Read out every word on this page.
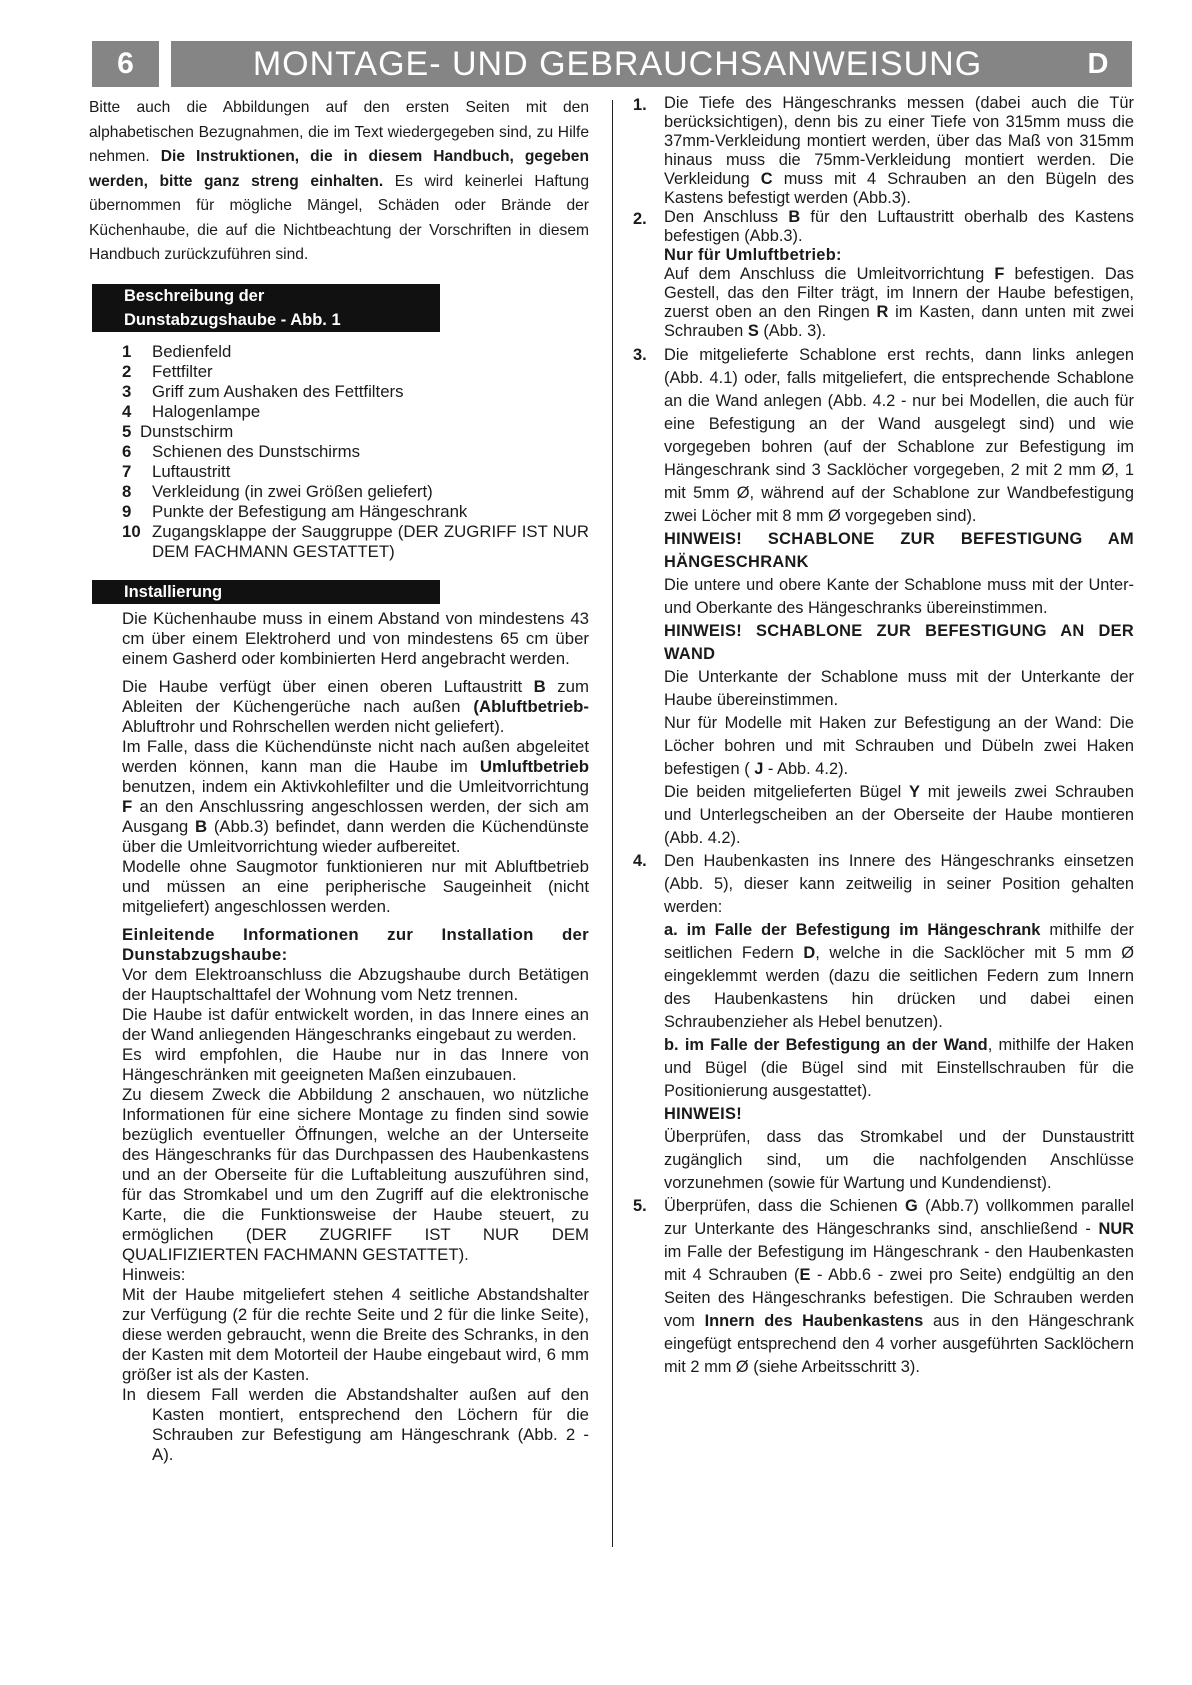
6	MONTAGE- UND GEBRAUCHSANWEISUNG	D

Bitte auch die Abbildungen auf den ersten Seiten mit den alphabetischen Bezugnahmen, die im Text wiedergegeben sind, zu Hilfe nehmen. Die Instruktionen, die in diesem Handbuch, gegeben werden, bitte ganz streng einhalten. Es wird keinerlei Haftung übernommen für mögliche Mängel, Schäden oder Brände der Küchenhaube, die auf die Nichtbeachtung der Vorschriften in diesem Handbuch zurückzuführen sind.

Beschreibung der
Dunstabzugshaube - Abb. 1
1	Bedienfeld
2	Fettfilter
3	Griff zum Aushaken des Fettfilters
4	Halogenlampe
5 Dunstschirm
6	Schienen des Dunstschirms
7	Luftaustritt
8	Verkleidung (in zwei Größen geliefert)
9	Punkte der Befestigung am Hängeschrank
10 Zugangsklappe der Sauggruppe (DER ZUGRIFF IST NUR DEM FACHMANN GESTATTET)
Installierung

Die Küchenhaube muss in einem Abstand von mindestens 43 cm über einem Elektroherd und von mindestens 65 cm über einem Gasherd oder kombinierten Herd angebracht werden.

Die Haube verfügt über einen oberen Luftaustritt B zum Ableiten der Küchengerüche nach außen (Abluftbetrieb- Abluftrohr und Rohrschellen werden nicht geliefert).

Im Falle, dass die Küchendünste nicht nach außen abgeleitet werden können, kann man die Haube im Umluftbetrieb benutzen, indem ein Aktivkohlefilter und die Umleitvorrichtung F an den Anschlussring angeschlossen werden, der sich am Ausgang B (Abb.3) befindet, dann werden die Küchendünste über die Umleitvorrichtung wieder aufbereitet.

Modelle ohne Saugmotor funktionieren nur mit Abluftbetrieb und müssen an eine peripherische Saugeinheit (nicht mitgeliefert) angeschlossen werden.

Einleitende Informationen zur Installation der Dunstabzugshaube:

Vor dem Elektroanschluss die Abzugshaube durch Betätigen der Hauptschalttafel der Wohnung vom Netz trennen.

Die Haube ist dafür entwickelt worden, in das Innere eines an der Wand anliegenden Hängeschranks eingebaut zu werden.

Es wird empfohlen, die Haube nur in das Innere von Hängeschränken mit geeigneten Maßen einzubauen.

Zu diesem Zweck die Abbildung 2 anschauen, wo nützliche Informationen für eine sichere Montage zu finden sind sowie bezüglich eventueller Öffnungen, welche an der Unterseite des Hängeschranks für das Durchpassen des Haubenkastens und an der Oberseite für die Luftableitung auszuführen sind, für das Stromkabel und um den Zugriff auf die elektronische Karte, die die Funktionsweise der Haube steuert, zu ermöglichen (DER ZUGRIFF IST NUR DEM QUALIFIZIERTEN FACHMANN GESTATTET).

Hinweis:

Mit der Haube mitgeliefert stehen 4 seitliche Abstandshalter zur Verfügung (2 für die rechte Seite und 2 für die linke Seite), diese werden gebraucht, wenn die Breite des Schranks, in den der Kasten mit dem Motorteil der Haube eingebaut wird, 6 mm größer ist als der Kasten.

In diesem Fall werden die Abstandshalter außen auf den Kasten montiert, entsprechend den Löchern für die Schrauben zur Befestigung am Hängeschrank (Abb. 2 - A).

1.	Die Tiefe des Hängeschranks messen (dabei auch die Tür berücksichtigen), denn bis zu einer Tiefe von 315mm muss die 37mm-Verkleidung montiert werden, über das Maß von 315mm hinaus muss die 75mm-Verkleidung montiert werden. Die Verkleidung C muss mit 4 Schrauben an den Bügeln des Kastens befestigt werden (Abb.3).

2.	Den Anschluss B für den Luftaustritt oberhalb des Kastens befestigen (Abb.3).

Nur für Umluftbetrieb:

Auf dem Anschluss die Umleitvorrichtung F befestigen. Das Gestell, das den Filter trägt, im Innern der Haube befestigen, zuerst oben an den Ringen R im Kasten, dann unten mit zwei Schrauben S (Abb. 3).

3.	Die mitgelieferte Schablone erst rechts, dann links anlegen (Abb. 4.1) oder, falls mitgeliefert, die entsprechende Schablone an die Wand anlegen (Abb. 4.2 - nur bei Modellen, die auch für eine Befestigung an der Wand ausgelegt sind) und wie vorgegeben bohren (auf der Schablone zur Befestigung im Hängeschrank sind 3 Sacklöcher vorgegeben, 2 mit 2 mm Ø, 1 mit 5mm Ø, während auf der Schablone zur Wandbefestigung zwei Löcher mit 8 mm Ø vorgegeben sind).

HINWEIS! SCHABLONE ZUR BEFESTIGUNG AM HÄNGESCHRANK

Die untere und obere Kante der Schablone muss mit der Unter- und Oberkante des Hängeschranks übereinstimmen.

HINWEIS! SCHABLONE ZUR BEFESTIGUNG AN DER WAND

Die Unterkante der Schablone muss mit der Unterkante der Haube übereinstimmen.

Nur für Modelle mit Haken zur Befestigung an der Wand: Die Löcher bohren und mit Schrauben und Dübeln zwei Haken befestigen ( J - Abb. 4.2).

Die beiden mitgelieferten Bügel Y mit jeweils zwei Schrauben und Unterlegscheiben an der Oberseite der Haube montieren (Abb. 4.2).

4.	Den Haubenkasten ins Innere des Hängeschranks einsetzen (Abb. 5), dieser kann zeitweilig in seiner Position gehalten werden:

a. im Falle der Befestigung im Hängeschrank mithilfe der seitlichen Federn D, welche in die Sacklöcher mit 5 mm Ø eingeklemmt werden (dazu die seitlichen Federn zum Innern des Haubenkastens hin drücken und dabei einen Schraubenzieher als Hebel benutzen).

b. im Falle der Befestigung an der Wand, mithilfe der Haken und Bügel (die Bügel sind mit Einstellschrauben für die Positionierung ausgestattet).

HINWEIS!

Überprüfen, dass das Stromkabel und der Dunstaustritt zugänglich sind, um die nachfolgenden Anschlüsse vorzunehmen (sowie für Wartung und Kundendienst).

5.	Überprüfen, dass die Schienen G (Abb.7) vollkommen parallel zur Unterkante des Hängeschranks sind, anschließend - NUR im Falle der Befestigung im Hängeschrank - den Haubenkasten mit 4 Schrauben (E - Abb.6 - zwei pro Seite) endgültig an den Seiten des Hängeschranks befestigen. Die Schrauben werden vom Innern des Haubenkastens aus in den Hängeschrank eingefügt entsprechend den 4 vorher ausgeführten Sacklöchern mit 2 mm Ø (siehe Arbeitsschritt 3).
